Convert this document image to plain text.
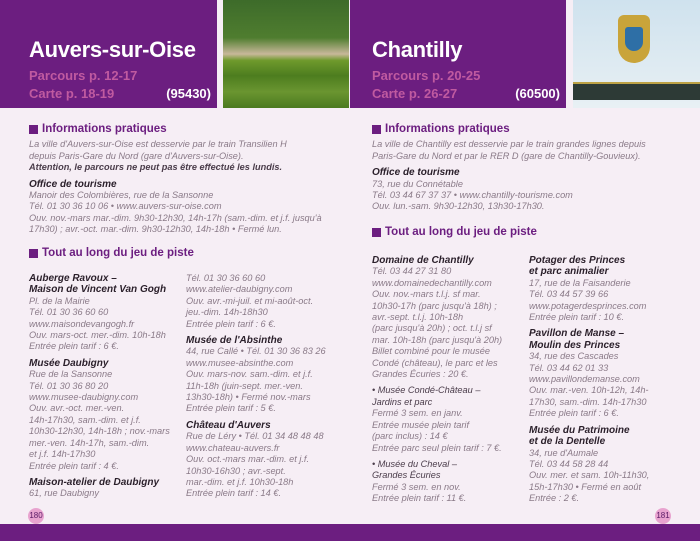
Auvers-sur-Oise
Parcours p. 12-17
Carte p. 18-19	(95430)
Chantilly
Parcours p. 20-25
Carte p. 26-27	(60500)
Informations pratiques
La ville d'Auvers-sur-Oise est desservie par le train Transilien H
depuis Paris-Gare du Nord (gare d'Auvers-sur-Oise).

Attention, le parcours ne peut pas être effectué les lundis.

Office de tourisme
Manoir des Colombières, rue de la Sansonne
Tél. 01 30 36 10 06 • www.auvers-sur-oise.com
Ouv. nov.-mars mar.-dim. 9h30-12h30, 14h-17h (sam.-dim. et j.f. jusqu'à
17h30) ; avr.-oct. mar.-dim. 9h30-12h30, 14h-18h • Fermé lun.
Tout au long du jeu de piste

Auberge Ravoux –
Maison de Vincent Van Gogh
Pl. de la Mairie
Tél. 01 30 36 60 60
www.maisondevangogh.fr
Ouv. mars-oct. mer.-dim. 10h-18h
Entrée plein tarif : 6 €.

Musée Daubigny
Rue de la Sansonne
Tél. 01 30 36 80 20
www.musee-daubigny.com
Ouv. avr.-oct. mer.-ven.
14h-17h30, sam.-dim. et j.f.
10h30-12h30, 14h-18h ; nov.-mars
mer.-ven. 14h-17h, sam.-dim.
et j.f. 14h-17h30
Entrée plein tarif : 4 €.

Maison-atelier de Daubigny
61, rue Daubigny

Tél. 01 30 36 60 60
www.atelier-daubigny.com
Ouv. avr.-mi-juil. et mi-août-oct.
jeu.-dim. 14h-18h30
Entrée plein tarif : 6 €.

Musée de l'Absinthe
44, rue Callé • Tél. 01 30 36 83 26
www.musee-absinthe.com
Ouv. mars-nov. sam.-dim. et j.f.
11h-18h (juin-sept. mer.-ven.
13h30-18h) • Fermé nov.-mars
Entrée plein tarif : 5 €.

Château d'Auvers
Rue de Léry • Tél. 01 34 48 48 48
www.chateau-auvers.fr
Ouv. oct.-mars mar.-dim. et j.f.
10h30-16h30 ; avr.-sept.
mar.-dim. et j.f. 10h30-18h
Entrée plein tarif : 14 €.

180
Informations pratiques
La ville de Chantilly est desservie par le train grandes lignes depuis

Paris-Gare du Nord et par le RER D (gare de Chantilly-Gouvieux).

Office de tourisme
73, rue du Connétable
Tél. 03 44 67 37 37 • www.chantilly-tourisme.com
Ouv. lun.-sam. 9h30-12h30, 13h30-17h30.
Tout au long du jeu de piste

Domaine de Chantilly
Tél. 03 44 27 31 80
www.domainedechantilly.com
Ouv. nov.-mars t.l.j. sf mar.
10h30-17h (parc jusqu'à 18h) ;
avr.-sept. t.l.j. 10h-18h
(parc jusqu'à 20h) ; oct. t.l.j sf
mar. 10h-18h (parc jusqu'à 20h)
Billet combiné pour le musée
Condé (château), le parc et les
Grandes Écuries : 20 €.

• Musée Condé-Château –
Jardins et parc
Fermé 3 sem. en janv.
Entrée musée plein tarif
(parc inclus) : 14 €
Entrée parc seul plein tarif : 7 €.

• Musée du Cheval –
Grandes Écuries
Fermé 3 sem. en nov.
Entrée plein tarif : 11 €.

Potager des Princes
et parc animalier
17, rue de la Faisanderie
Tél. 03 44 57 39 66
www.potagerdesprinces.com
Entrée plein tarif : 10 €.

Pavillon de Manse –
Moulin des Princes
34, rue des Cascades
Tél. 03 44 62 01 33
www.pavillondemanse.com
Ouv. mar.-ven. 10h-12h, 14h-
17h30, sam.-dim. 14h-17h30
Entrée plein tarif : 6 €.

Musée du Patrimoine
et de la Dentelle
34, rue d'Aumale
Tél. 03 44 58 28 44
Ouv. mer. et sam. 10h-11h30,
15h-17h30 • Fermé en août
Entrée : 2 €.

181
